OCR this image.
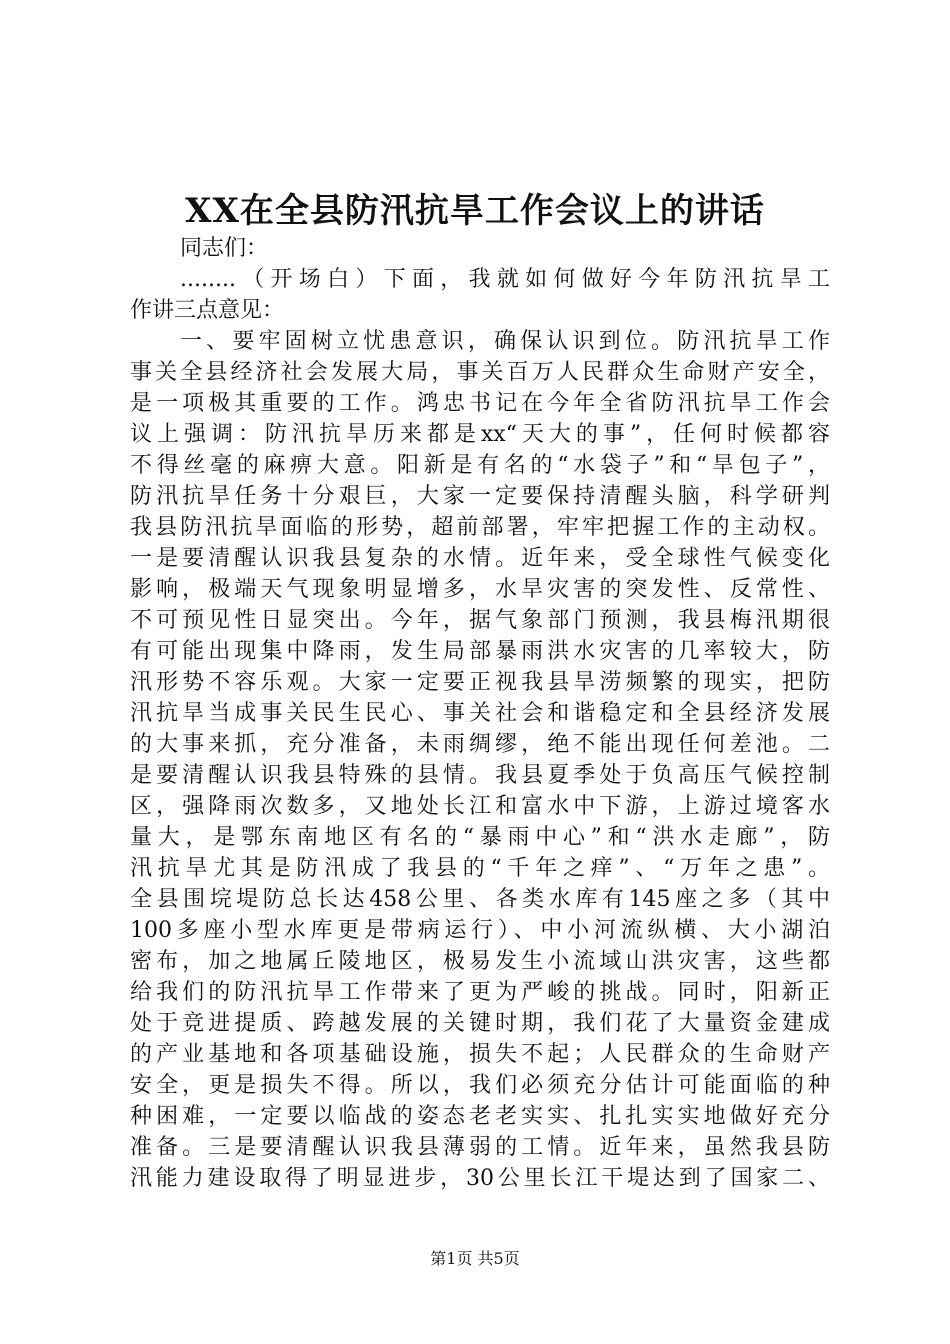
XX在全县防汛抗旱工作会议上的讲话
同志们：
........（开场白）下面，我就如何做好今年防汛抗旱工
作讲三点意见：
一、要牢固树立忧患意识，确保认识到位。防汛抗旱工作
事关全县经济社会发展大局，事关百万人民群众生命财产安全，
是一项极其重要的工作。鸿忠书记在今年全省防汛抗旱工作会
议上强调：防汛抗旱历来都是xx“天大的事”，任何时候都容
不得丝毫的麻痹大意。阳新是有名的“水袋子”和“旱包子”，
防汛抗旱任务十分艰巨，大家一定要保持清醒头脑，科学研判
我县防汛抗旱面临的形势，超前部署，牢牢把握工作的主动权。
一是要清醒认识我县复杂的水情。近年来，受全球性气候变化
影响，极端天气现象明显增多，水旱灾害的突发性、反常性、
不可预见性日显突出。今年，据气象部门预测，我县梅汛期很
有可能出现集中降雨，发生局部暴雨洪水灾害的几率较大，防
汛形势不容乐观。大家一定要正视我县旱涝频繁的现实，把防
汛抗旱当成事关民生民心、事关社会和谐稳定和全县经济发展
的大事来抓，充分准备，未雨绸缪，绝不能出现任何差池。二
是要清醒认识我县特殊的县情。我县夏季处于负高压气候控制
区，强降雨次数多，又地处长江和富水中下游，上游过境客水
量大，是鄂东南地区有名的“暴雨中心”和“洪水走廊”，防
汛抗旱尤其是防汛成了我县的“千年之痒”、“万年之患”。
全县围垸堤防总长达458公里、各类水库有145座之多（其中
100多座小型水库更是带病运行）、中小河流纵横、大小湖泊
密布，加之地属丘陵地区，极易发生小流域山洪灾害，这些都
给我们的防汛抗旱工作带来了更为严峻的挑战。同时，阳新正
处于竞进提质、跨越发展的关键时期，我们花了大量资金建成
的产业基地和各项基础设施，损失不起；人民群众的生命财产
安全，更是损失不得。所以，我们必须充分估计可能面临的种
种困难，一定要以临战的姿态老老实实、扎扎实实地做好充分
准备。三是要清醒认识我县薄弱的工情。近年来，虽然我县防
汛能力建设取得了明显进步，30公里长江干堤达到了国家二、
第1页 共5页
